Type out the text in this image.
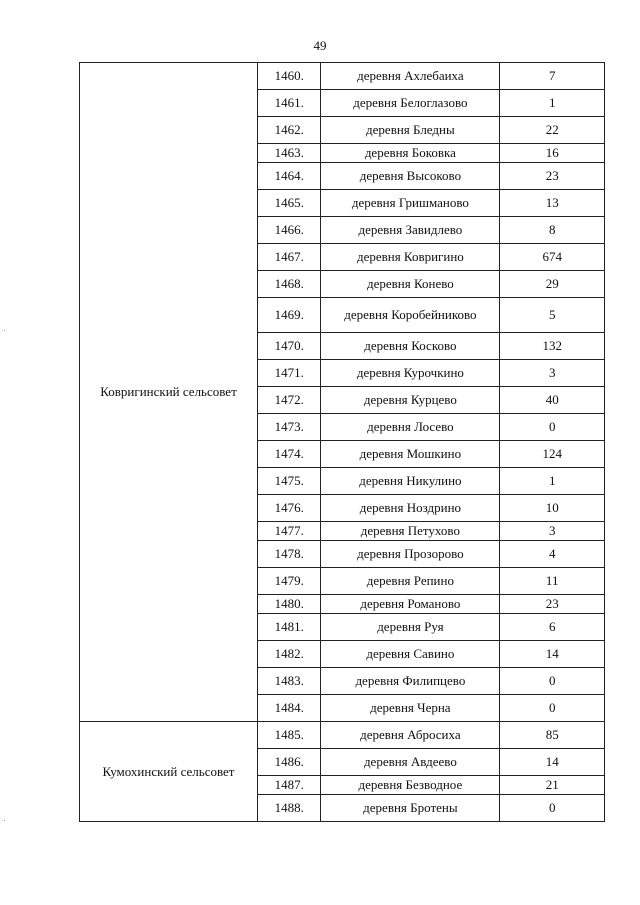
49
Ковригинский сельсовет	1460.	деревня Ахлебаиха	7
	1461.	деревня Белоглазово	1
	1462.	деревня Бледны	22
	1463.	деревня Боковка	16
	1464.	деревня Высоково	23
	1465.	деревня Гришманово	13
	1466.	деревня Завидлево	8
	1467.	деревня Ковригино	674
	1468.	деревня Конево	29
	1469.	деревня Коробейниково	5
	1470.	деревня Косково	132
	1471.	деревня Курочкино	3
	1472.	деревня Курцево	40
	1473.	деревня Лосево	0
	1474.	деревня Мошкино	124
	1475.	деревня Никулино	1
	1476.	деревня Ноздрино	10
	1477.	деревня Петухово	3
	1478.	деревня Прозорово	4
	1479.	деревня Репино	11
	1480.	деревня Романово	23
	1481.	деревня Руя	6
	1482.	деревня Савино	14
	1483.	деревня Филипцево	0
	1484.	деревня Черна	0

Кумохинский сельсовет	1485.	деревня Абросиха	85
	1486.	деревня Авдеево	14
	1487.	деревня Безводное	21
	1488.	деревня Бротены	0
